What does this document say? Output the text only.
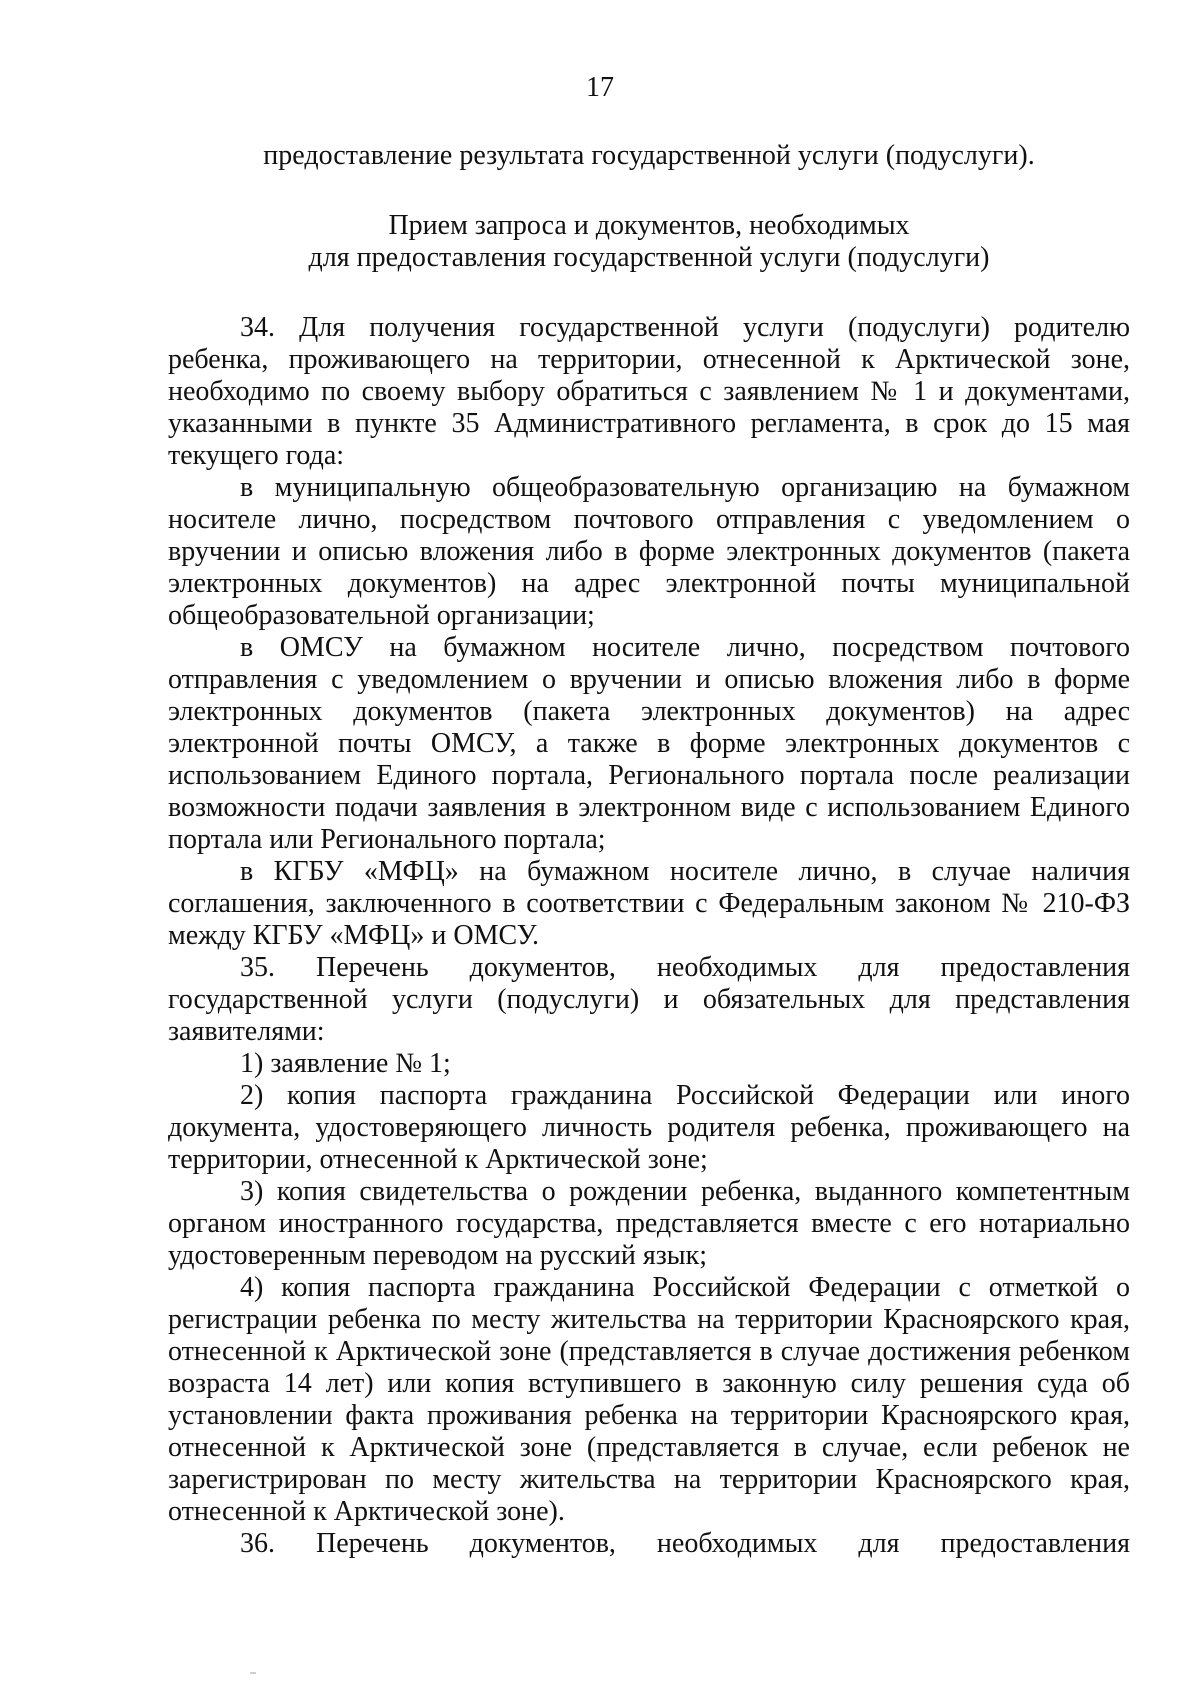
17

предоставление результата государственной услуги (подуслуги).

Прием запроса и документов, необходимых

для предоставления государственной услуги (подуслуги)

34. Для получения государственной услуги (подуслуги) родителю ребенка, проживающего на территории, отнесенной к Арктической зоне, необходимо по своему выбору обратиться с заявлением № 1 и документами, указанными в пункте 35 Административного регламента, в срок до 15 мая текущего года:

в муниципальную общеобразовательную организацию на бумажном носителе лично, посредством почтового отправления с уведомлением о вручении и описью вложения либо в форме электронных документов (пакета электронных документов) на адрес электронной почты муниципальной общеобразовательной организации;

в ОМСУ на бумажном носителе лично, посредством почтового отправления с уведомлением о вручении и описью вложения либо в форме электронных документов (пакета электронных документов) на адрес электронной почты ОМСУ, а также в форме электронных документов с использованием Единого портала, Регионального портала после реализации возможности подачи заявления в электронном виде с использованием Единого портала или Регионального портала;

в КГБУ «МФЦ» на бумажном носителе лично, в случае наличия соглашения, заключенного в соответствии с Федеральным законом № 210-ФЗ между КГБУ «МФЦ» и ОМСУ.

35. Перечень документов, необходимых для предоставления государственной услуги (подуслуги) и обязательных для представления заявителями:

1) заявление № 1;

2) копия паспорта гражданина Российской Федерации или иного документа, удостоверяющего личность родителя ребенка, проживающего на территории, отнесенной к Арктической зоне;

3) копия свидетельства о рождении ребенка, выданного компетентным органом иностранного государства, представляется вместе с его нотариально удостоверенным переводом на русский язык;

4) копия паспорта гражданина Российской Федерации с отметкой о регистрации ребенка по месту жительства на территории Красноярского края, отнесенной к Арктической зоне (представляется в случае достижения ребенком возраста 14 лет) или копия вступившего в законную силу решения суда об установлении факта проживания ребенка на территории Красноярского края, отнесенной к Арктической зоне (представляется в случае, если ребенок не зарегистрирован по месту жительства на территории Красноярского края, отнесенной к Арктической зоне).

36. Перечень документов, необходимых для предоставления
